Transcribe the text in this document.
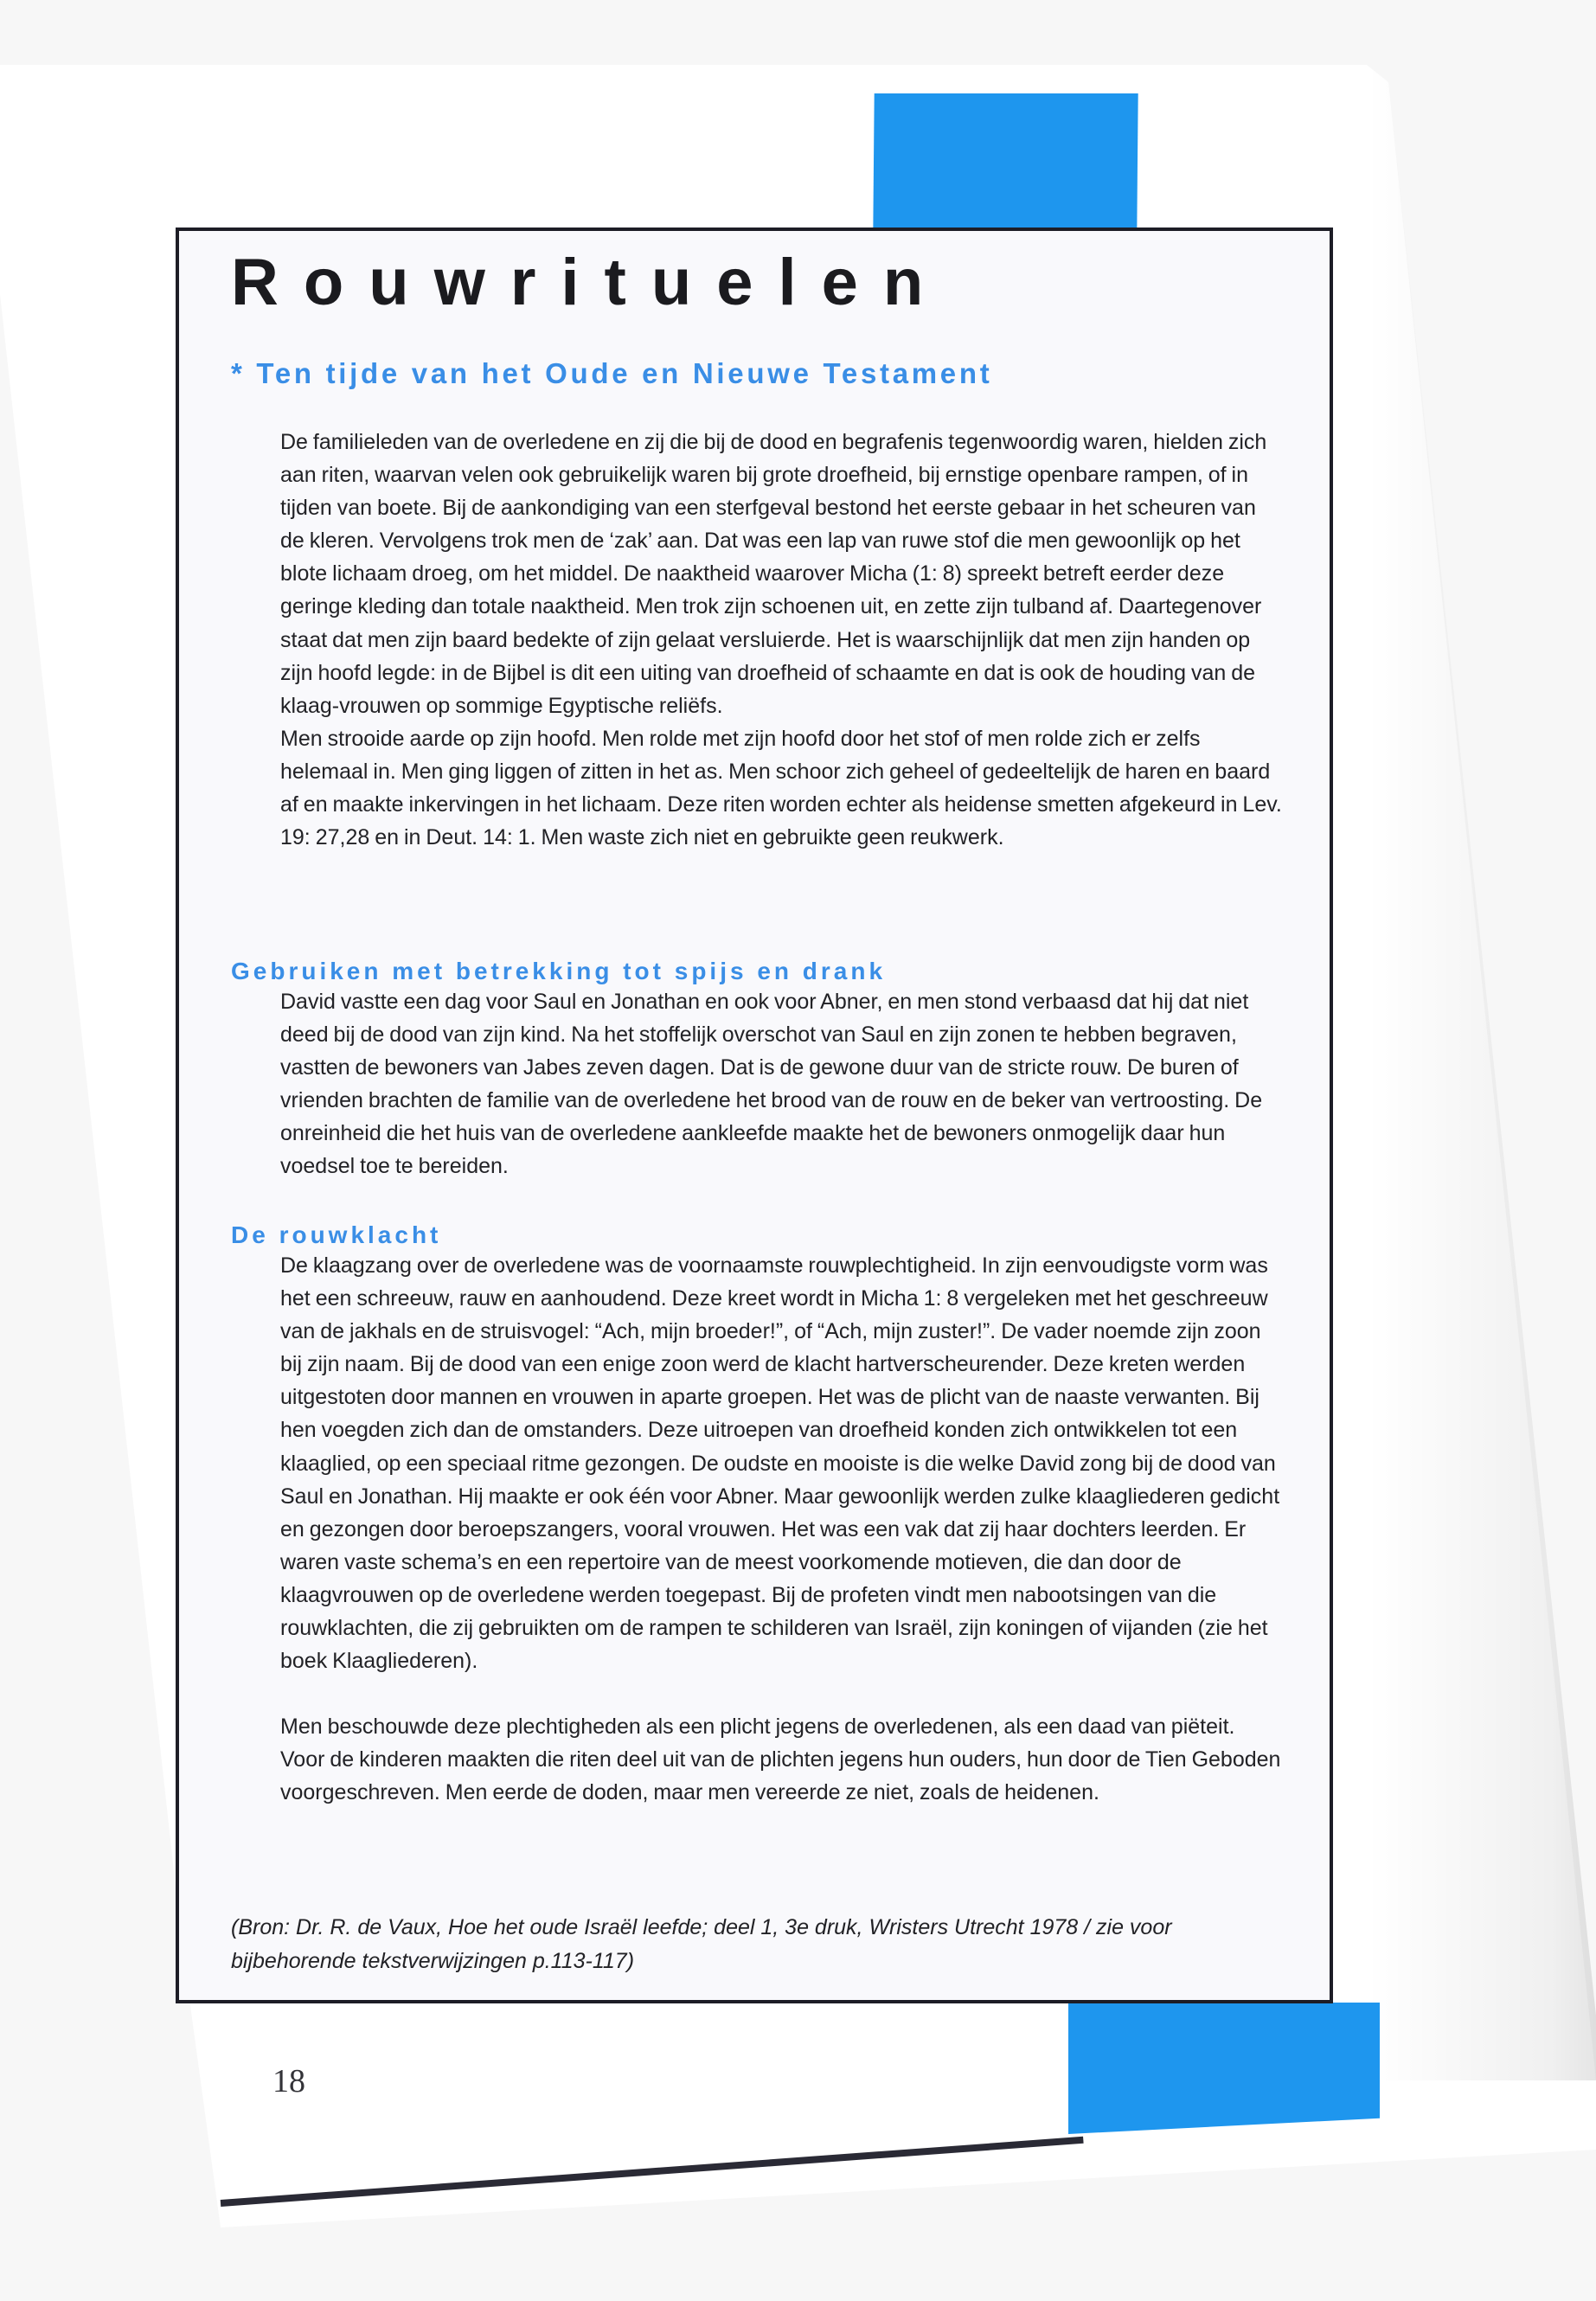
Rouwrituelen
* Ten tijde van het Oude en Nieuwe Testament

De familieleden van de overledene en zij die bij de dood en begrafenis tegenwoordig waren, hielden zich aan riten, waarvan velen ook gebruikelijk waren bij grote droefheid, bij ernstige openbare rampen, of in tijden van boete. Bij de aankondiging van een sterfgeval bestond het eerste gebaar in het scheuren van de kleren. Vervolgens trok men de ‘zak’ aan. Dat was een lap van ruwe stof die men gewoonlijk op het blote lichaam droeg, om het middel. De naaktheid waarover Micha (1: 8) spreekt betreft eerder deze geringe kleding dan totale naaktheid. Men trok zijn schoenen uit, en zette zijn tulband af. Daartegenover staat dat men zijn baard bedekte of zijn gelaat versluierde. Het is waarschijnlijk dat men zijn handen op zijn hoofd legde: in de Bijbel is dit een uiting van droefheid of schaamte en dat is ook de houding van de klaag-vrouwen op sommige Egyptische reliëfs.

Men strooide aarde op zijn hoofd. Men rolde met zijn hoofd door het stof of men rolde zich er zelfs helemaal in. Men ging liggen of zitten in het as. Men schoor zich geheel of gedeeltelijk de haren en baard af en maakte inkervingen in het lichaam. Deze riten worden echter als heidense smetten afgekeurd in Lev. 19: 27,28 en in Deut. 14: 1. Men waste zich niet en gebruikte geen reukwerk.

Gebruiken met betrekking tot spijs en drank

David vastte een dag voor Saul en Jonathan en ook voor Abner, en men stond verbaasd dat hij dat niet deed bij de dood van zijn kind. Na het stoffelijk overschot van Saul en zijn zonen te hebben begraven, vastten de bewoners van Jabes zeven dagen. Dat is de gewone duur van de stricte rouw. De buren of vrienden brachten de familie van de overledene het brood van de rouw en de beker van vertroosting. De onreinheid die het huis van de overledene aankleefde maakte het de bewoners onmogelijk daar hun voedsel toe te bereiden.

De rouwklacht

De klaagzang over de overledene was de voornaamste rouwplechtigheid. In zijn eenvoudigste vorm was het een schreeuw, rauw en aanhoudend. Deze kreet wordt in Micha 1: 8 vergeleken met het geschreeuw van de jakhals en de struisvogel: “Ach, mijn broeder!”, of “Ach, mijn zuster!”. De vader noemde zijn zoon bij zijn naam. Bij de dood van een enige zoon werd de klacht hartverscheurender. Deze kreten werden uitgestoten door mannen en vrouwen in aparte groepen. Het was de plicht van de naaste verwanten. Bij hen voegden zich dan de omstanders. Deze uitroepen van droefheid konden zich ontwikkelen tot een klaaglied, op een speciaal ritme gezongen. De oudste en mooiste is die welke David zong bij de dood van Saul en Jonathan. Hij maakte er ook één voor Abner. Maar gewoonlijk werden zulke klaagliederen gedicht en gezongen door beroepszangers, vooral vrouwen. Het was een vak dat zij haar dochters leerden. Er waren vaste schema’s en een repertoire van de meest voorkomende motieven, die dan door de klaagvrouwen op de overledene werden toegepast. Bij de profeten vindt men nabootsingen van die rouwklachten, die zij gebruikten om de rampen te schilderen van Israël, zijn koningen of vijanden (zie het boek Klaagliederen).

Men beschouwde deze plechtigheden als een plicht jegens de overledenen, als een daad van piëteit. Voor de kinderen maakten die riten deel uit van de plichten jegens hun ouders, hun door de Tien Geboden voorgeschreven. Men eerde de doden, maar men vereerde ze niet, zoals de heidenen.

(Bron: Dr. R. de Vaux, Hoe het oude Israël leefde; deel 1, 3e druk, Wristers Utrecht 1978 / zie voor bijbehorende tekstverwijzingen p.113-117)

18
